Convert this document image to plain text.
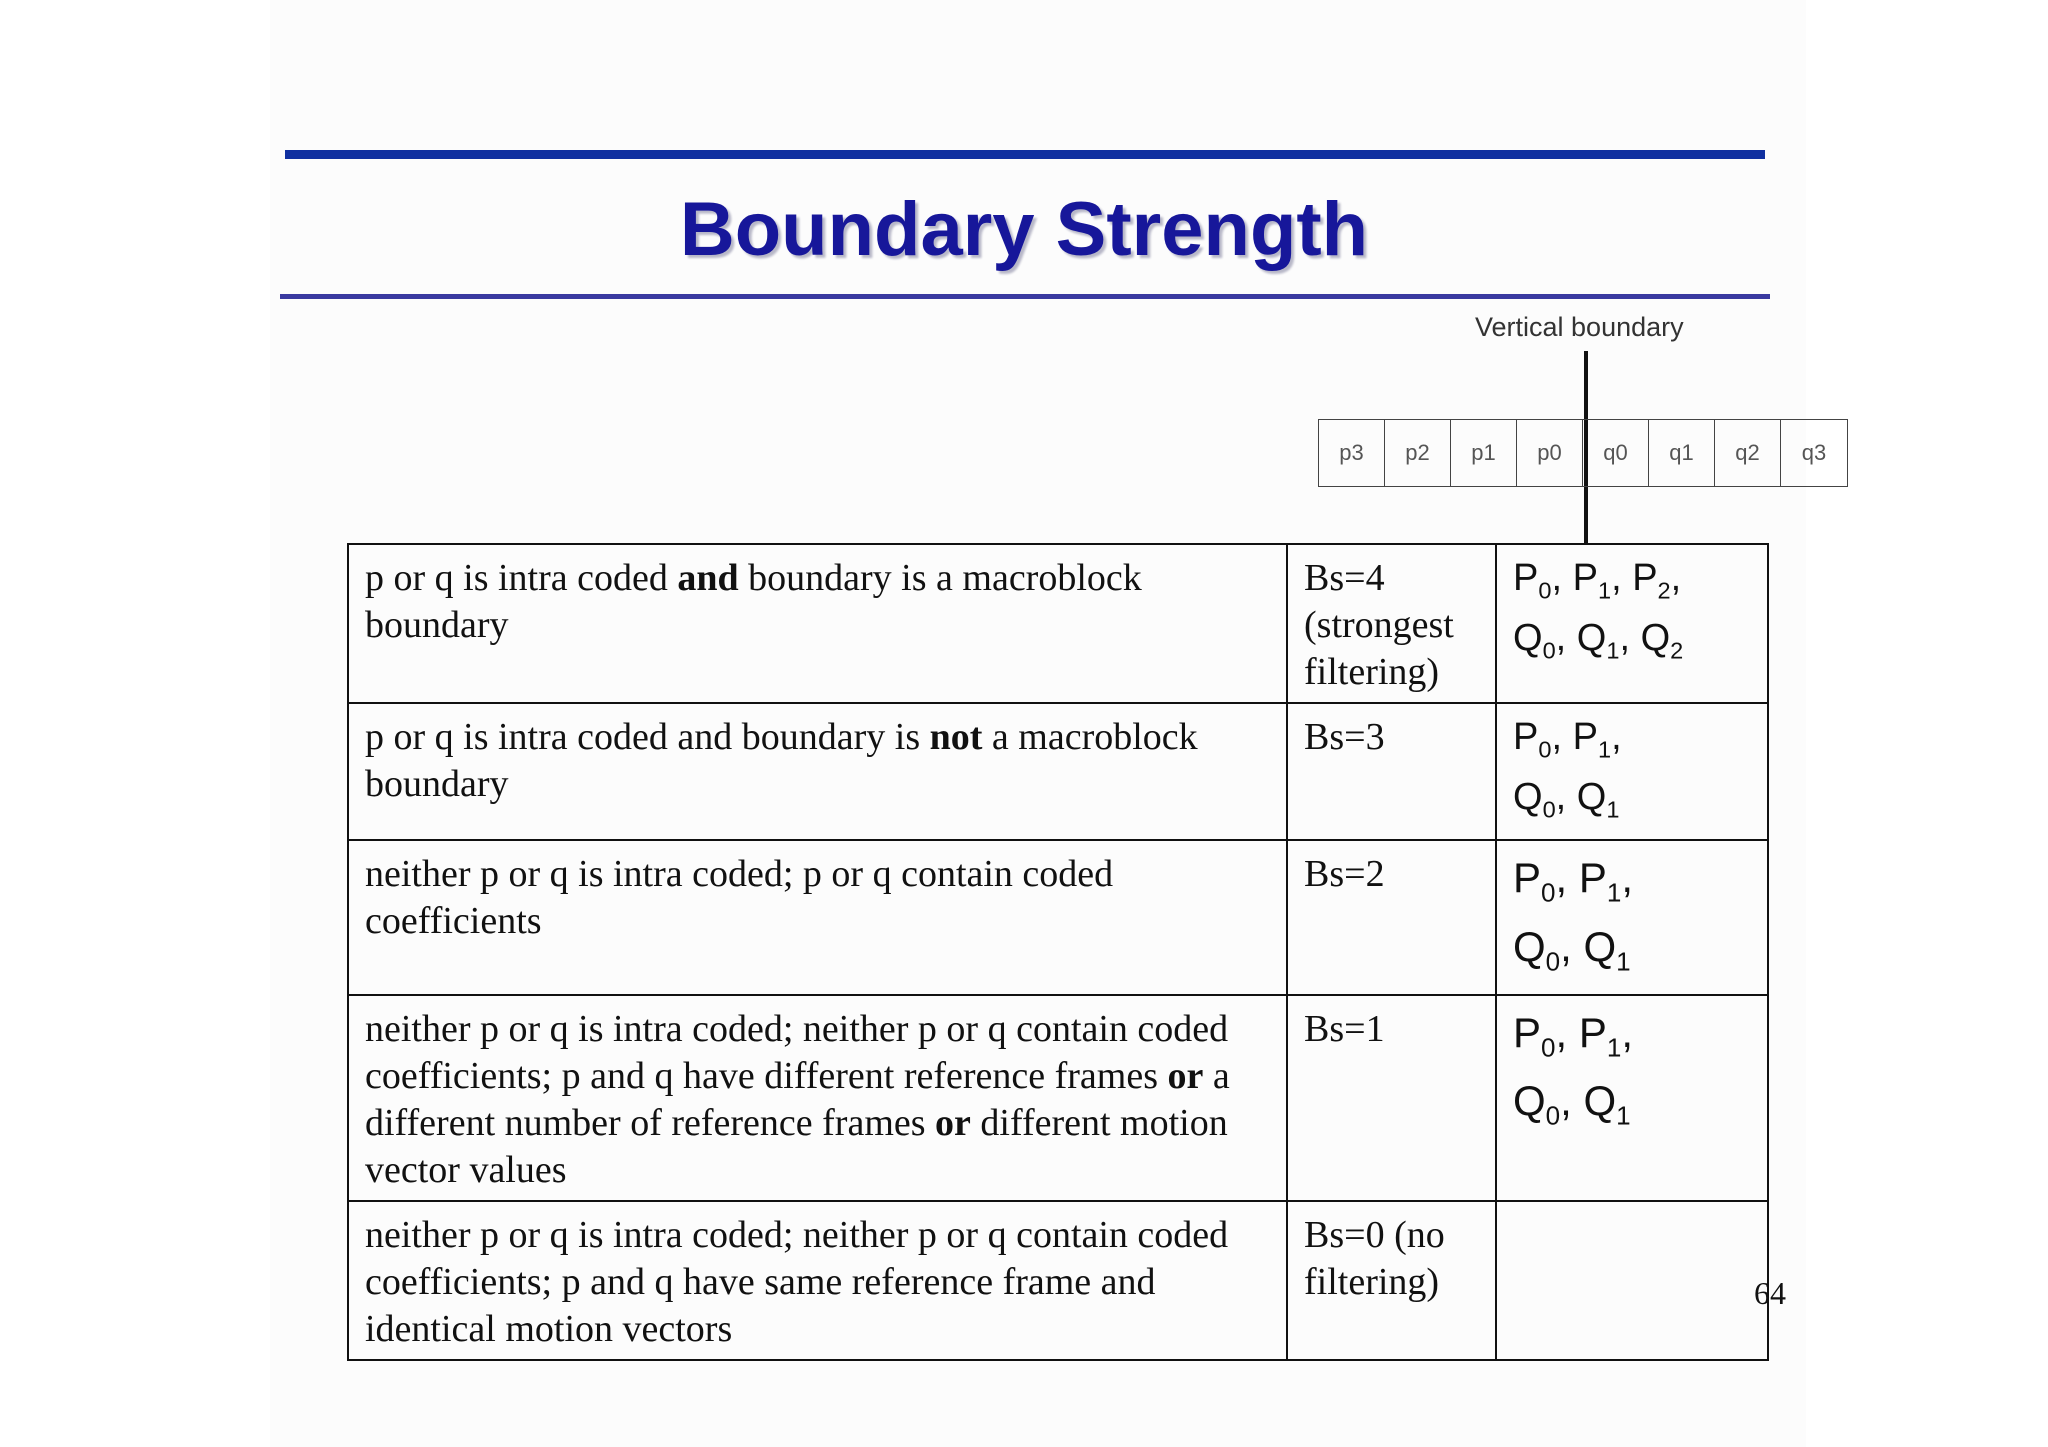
Boundary Strength
Vertical boundary
p3	p2	p1	p0	q0	q1	q2	q3
p or q is intra coded and boundary is a macroblock boundary	Bs=4 (strongest filtering)	$P_0$, $P_1$, $P_2$,
$Q_0$, $Q_1$, $Q_2$
p or q is intra coded and boundary is not a macroblock boundary	Bs=3	$P_0$, $P_1$,
$Q_0$, $Q_1$
neither p or q is intra coded; p or q contain coded coefficients	Bs=2	$P_0$, $P_1$,
$Q_0$, $Q_1$
neither p or q is intra coded; neither p or q contain coded coefficients; p and q have different reference frames or a different number of reference frames or different motion vector values	Bs=1	$P_0$, $P_1$,
$Q_0$, $Q_1$
neither p or q is intra coded; neither p or q contain coded coefficients; p and q have same reference frame and identical motion vectors	Bs=0 (no filtering)		64
